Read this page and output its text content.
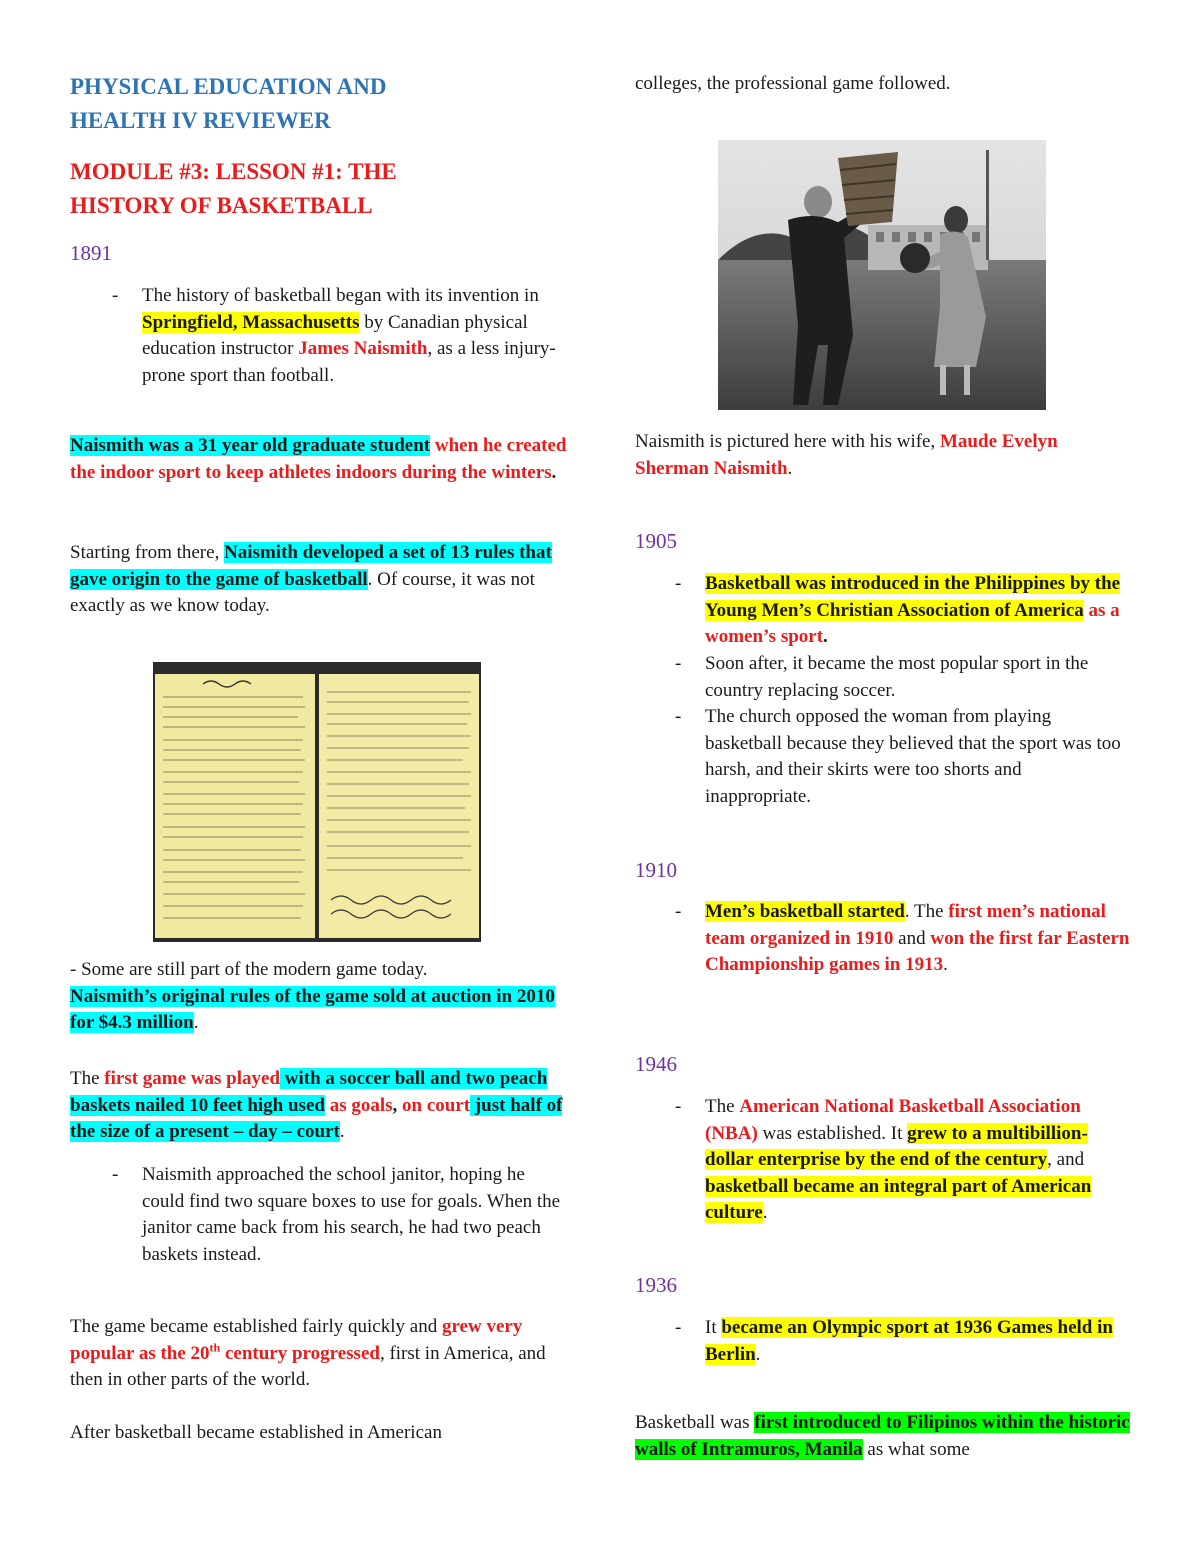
PHYSICAL EDUCATION AND
HEALTH IV REVIEWER
MODULE #3: LESSON #1: THE
HISTORY OF BASKETBALL
1891
- The history of basketball began with its invention in Springfield, Massachusetts by Canadian physical education instructor James Naismith, as a less injury-prone sport than football.
Naismith was a 31 year old graduate student when he created the indoor sport to keep athletes indoors during the winters.
Starting from there, Naismith developed a set of 13 rules that gave origin to the game of basketball. Of course, it was not exactly as we know today.
- Some are still part of the modern game today.
Naismith’s original rules of the game sold at auction in 2010 for $4.3 million.
The first game was played with a soccer ball and two peach baskets nailed 10 feet high used as goals, on court just half of the size of a present – day – court.
- Naismith approached the school janitor, hoping he could find two square boxes to use for goals. When the janitor came back from his search, he had two peach baskets instead.
The game became established fairly quickly and grew very popular as the 20th century progressed, first in America, and then in other parts of the world.
After basketball became established in American
colleges, the professional game followed.
Naismith is pictured here with his wife, Maude Evelyn Sherman Naismith.
1905
- Basketball was introduced in the Philippines by the Young Men’s Christian Association of America as a women’s sport.
- Soon after, it became the most popular sport in the country replacing soccer.
- The church opposed the woman from playing basketball because they believed that the sport was too harsh, and their skirts were too shorts and inappropriate.
1910
- Men’s basketball started. The first men’s national team organized in 1910 and won the first far Eastern Championship games in 1913.
1946
- The American National Basketball Association (NBA) was established. It grew to a multibillion-dollar enterprise by the end of the century, and basketball became an integral part of American culture.
1936
- It became an Olympic sport at 1936 Games held in Berlin.
Basketball was first introduced to Filipinos within the historic walls of Intramuros, Manila as what some
